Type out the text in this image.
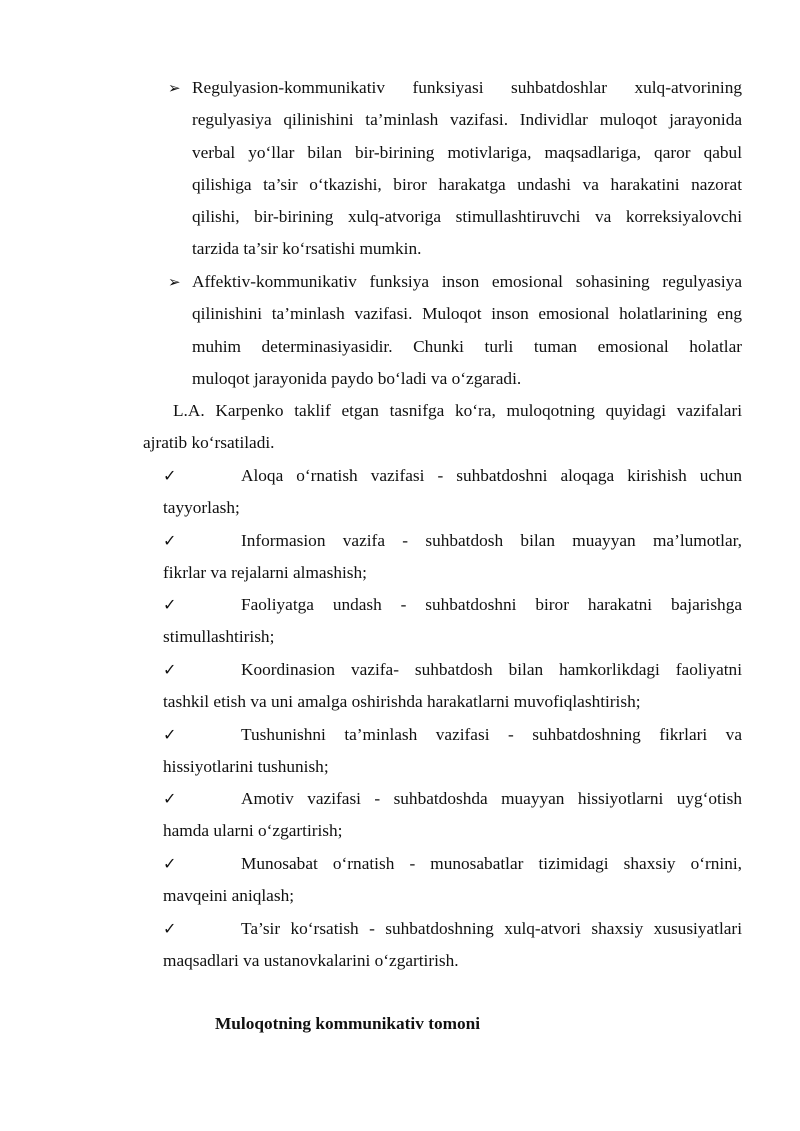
➢ Regulyasion-kommunikativ funksiyasi suhbatdoshlar xulq-atvorining
regulyasiya qilinishini ta’minlash vazifasi. Individlar muloqot jarayonida
verbal yo‘llar bilan bir-birining motivlariga, maqsadlariga, qaror qabul
qilishiga ta’sir o‘tkazishi, biror harakatga undashi va harakatini nazorat
qilishi, bir-birining xulq-atvoriga stimullashtiruvchi va korreksiyalovchi
tarzida ta’sir ko‘rsatishi mumkin.
➢ Affektiv-kommunikativ funksiya inson emosional sohasining regulyasiya
qilinishini ta’minlash vazifasi. Muloqot inson emosional holatlarining eng
muhim determinasiyasidir. Chunki turli tuman emosional holatlar
muloqot jarayonida paydo bo‘ladi va o‘zgaradi.
L.A. Karpenko taklif etgan tasnifga ko‘ra, muloqotning quyidagi vazifalari
ajratib ko‘rsatiladi.
✓	Aloqa o‘rnatish vazifasi - suhbatdoshni aloqaga kirishish uchun
tayyorlash;
✓	Informasion vazifa - suhbatdosh bilan muayyan ma’lumotlar,
fikrlar va rejalarni almashish;
✓	Faoliyatga undash - suhbatdoshni biror harakatni bajarishga
stimullashtirish;
✓	Koordinasion vazifa- suhbatdosh bilan hamkorlikdagi faoliyatni
tashkil etish va uni amalga oshirishda harakatlarni muvofiqlashtirish;
✓	Tushunishni ta’minlash vazifasi - suhbatdoshning fikrlari va
hissiyotlarini tushunish;
✓	Amotiv vazifasi - suhbatdoshda muayyan hissiyotlarni uyg‘otish
hamda ularni o‘zgartirish;
✓	Munosabat o‘rnatish - munosabatlar tizimidagi shaxsiy o‘rnini,
mavqeini aniqlash;
✓	Ta’sir ko‘rsatish - suhbatdoshning xulq-atvori shaxsiy xususiyatlari
maqsadlari va ustanovkalarini o‘zgartirish.
Muloqotning kommunikativ tomoni
